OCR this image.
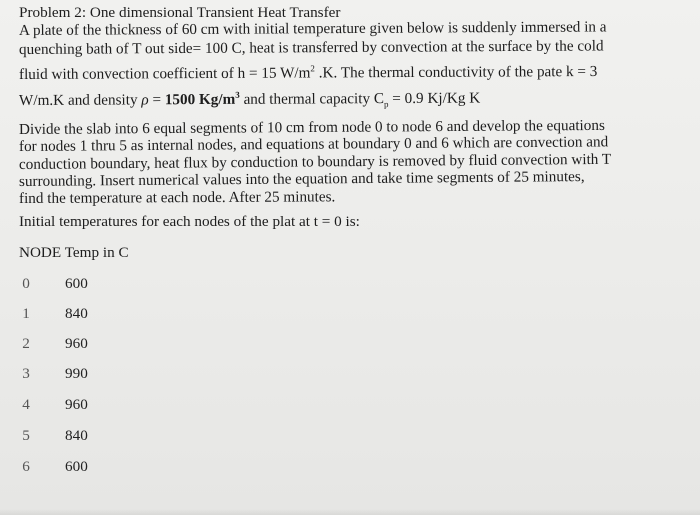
Problem 2: One dimensional Transient Heat Transfer
A plate of the thickness of 60 cm with initial temperature given below is suddenly immersed in a
quenching bath of T out side= 100 C, heat is transferred by convection at the surface by the cold
fluid with convection coefficient of h = 15 $W/m^2$ .K. The thermal conductivity of the pate k = 3
W/m.K and density ρ = 1500 $Kg/m^3$ and thermal capacity $C_p = 0.9$ Kj/Kg K
Divide the slab into 6 equal segments of 10 cm from node 0 to node 6 and develop the equations
for nodes 1 thru 5 as internal nodes, and equations at boundary 0 and 6 which are convection and
conduction boundary, heat flux by conduction to boundary is removed by fluid convection with T
surrounding. Insert numerical values into the equation and take time segments of 25 minutes,
find the temperature at each node. After 25 minutes.
Initial temperatures for each nodes of the plat at t = 0 is:
NODE Temp in C
0 600
1 840
2 960
3 990
4 960
5 840
6 600
